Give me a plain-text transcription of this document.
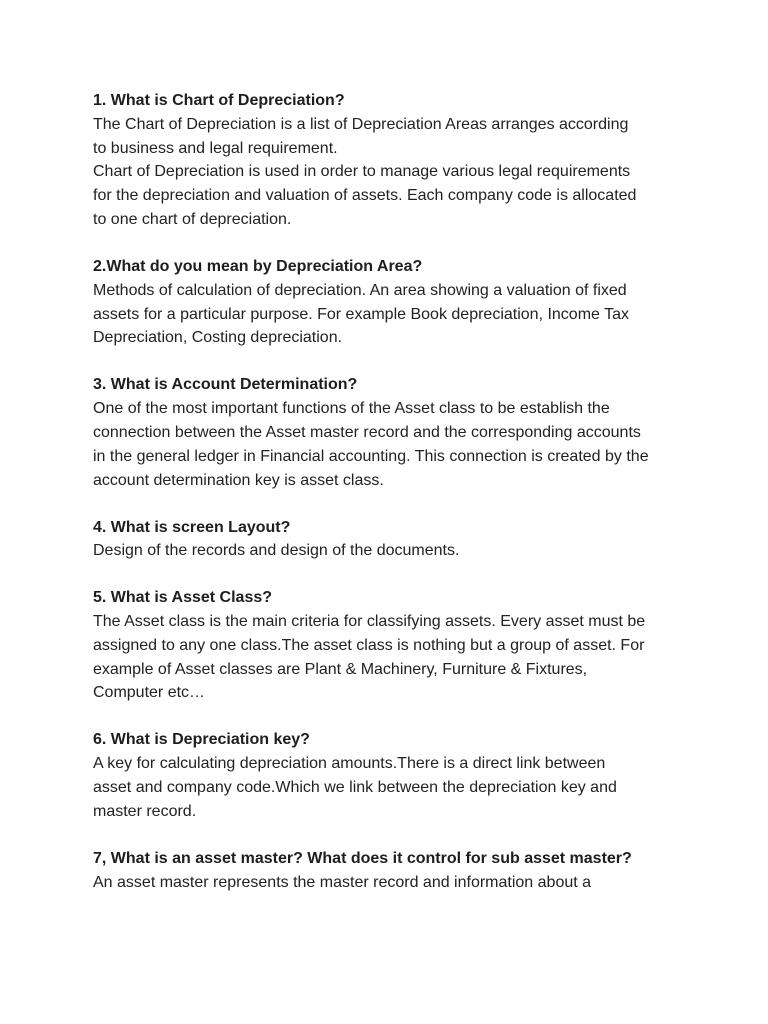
1. What is Chart of Depreciation?

The Chart of Depreciation is a list of Depreciation Areas arranges according
to business and legal requirement.
Chart of Depreciation is used in order to manage various legal requirements
for the depreciation and valuation of assets. Each company code is allocated
to one chart of depreciation.

2.What do you mean by Depreciation Area?

Methods of calculation of depreciation. An area showing a valuation of fixed
assets for a particular purpose. For example Book depreciation, Income Tax
Depreciation, Costing depreciation.

3. What is Account Determination?

One of the most important functions of the Asset class to be establish the
connection between the Asset master record and the corresponding accounts
in the general ledger in Financial accounting. This connection is created by the
account determination key is asset class.

4. What is screen Layout?

Design of the records and design of the documents.

5. What is Asset Class?

The Asset class is the main criteria for classifying assets. Every asset must be
assigned to any one class.The asset class is nothing but a group of asset. For
example of Asset classes are Plant & Machinery, Furniture & Fixtures,
Computer etc…

6. What is Depreciation key?

A key for calculating depreciation amounts.There is a direct link between
asset and company code.Which we link between the depreciation key and
master record.

7, What is an asset master? What does it control for sub asset master?

An asset master represents the master record and information about a
